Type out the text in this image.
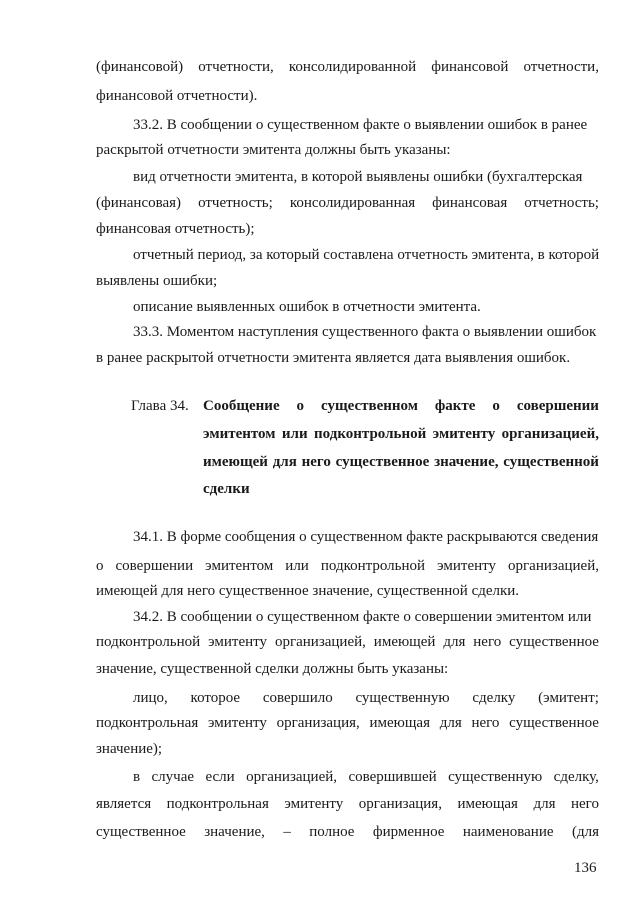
(финансовой) отчетности, консолидированной финансовой отчетности,
финансовой отчетности).
33.2. В сообщении о существенном факте о выявлении ошибок в ранее
раскрытой отчетности эмитента должны быть указаны:
вид отчетности эмитента, в которой выявлены ошибки (бухгалтерская
(финансовая) отчетность; консолидированная финансовая отчетность;
финансовая отчетность);
отчетный период, за который составлена отчетность эмитента, в которой
выявлены ошибки;
описание выявленных ошибок в отчетности эмитента.
33.3. Моментом наступления существенного факта о выявлении ошибок
в ранее раскрытой отчетности эмитента является дата выявления ошибок.
Глава 34. Сообщение о существенном факте о совершении
эмитентом или подконтрольной эмитенту организацией,
имеющей для него существенное значение, существенной
сделки
34.1. В форме сообщения о существенном факте раскрываются сведения
о совершении эмитентом или подконтрольной эмитенту организацией,
имеющей для него существенное значение, существенной сделки.
34.2. В сообщении о существенном факте о совершении эмитентом или
подконтрольной эмитенту организацией, имеющей для него существенное
значение, существенной сделки должны быть указаны:
лицо, которое совершило существенную сделку (эмитент;
подконтрольная эмитенту организация, имеющая для него существенное
значение);
в случае если организацией, совершившей существенную сделку,
является подконтрольная эмитенту организация, имеющая для него
существенное значение, – полное фирменное наименование (для
136
